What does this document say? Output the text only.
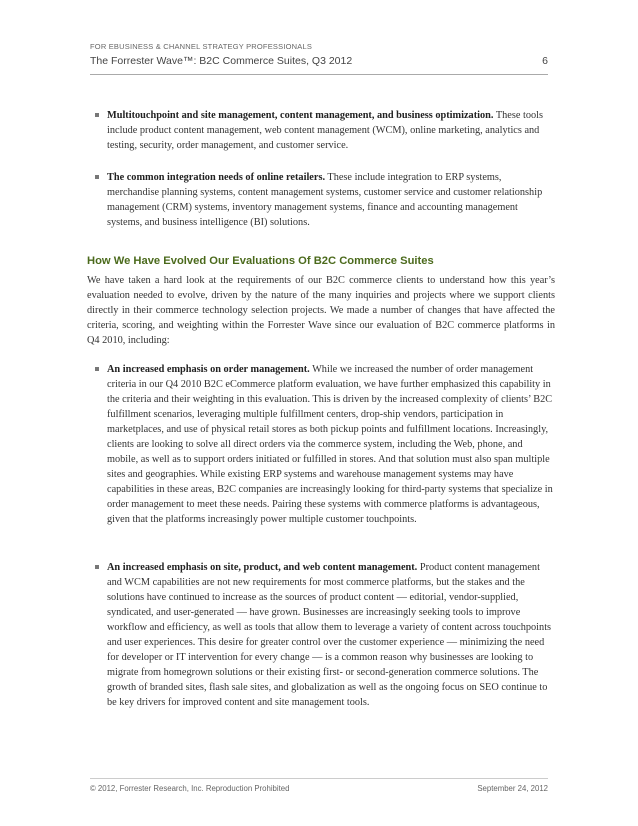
FOR EBUSINESS & CHANNEL STRATEGY PROFESSIONALS
The Forrester Wave™: B2C Commerce Suites, Q3 2012	6
Multitouchpoint and site management, content management, and business optimization. These tools include product content management, web content management (WCM), online marketing, analytics and testing, security, order management, and customer service.
The common integration needs of online retailers. These include integration to ERP systems, merchandise planning systems, content management systems, customer service and customer relationship management (CRM) systems, inventory management systems, finance and accounting management systems, and business intelligence (BI) solutions.
How We Have Evolved Our Evaluations Of B2C Commerce Suites
We have taken a hard look at the requirements of our B2C commerce clients to understand how this year’s evaluation needed to evolve, driven by the nature of the many inquiries and projects where we support clients directly in their commerce technology selection projects. We made a number of changes that have affected the criteria, scoring, and weighting within the Forrester Wave since our evaluation of B2C commerce platforms in Q4 2010, including:
An increased emphasis on order management. While we increased the number of order management criteria in our Q4 2010 B2C eCommerce platform evaluation, we have further emphasized this capability in the criteria and their weighting in this evaluation. This is driven by the increased complexity of clients’ B2C fulfillment scenarios, leveraging multiple fulfillment centers, drop-ship vendors, participation in marketplaces, and use of physical retail stores as both pickup points and fulfillment locations. Increasingly, clients are looking to solve all direct orders via the commerce system, including the Web, phone, and mobile, as well as to support orders initiated or fulfilled in stores. And that solution must also span multiple sites and geographies. While existing ERP systems and warehouse management systems may have capabilities in these areas, B2C companies are increasingly looking for third-party systems that specialize in order management to meet these needs. Pairing these systems with commerce platforms is advantageous, given that the platforms increasingly power multiple customer touchpoints.
An increased emphasis on site, product, and web content management. Product content management and WCM capabilities are not new requirements for most commerce platforms, but the stakes and the solutions have continued to increase as the sources of product content — editorial, vendor-supplied, syndicated, and user-generated — have grown. Businesses are increasingly seeking tools to improve workflow and efficiency, as well as tools that allow them to leverage a variety of content across touchpoints and user experiences. This desire for greater control over the customer experience — minimizing the need for developer or IT intervention for every change — is a common reason why businesses are looking to migrate from homegrown solutions or their existing first- or second-generation commerce solutions. The growth of branded sites, flash sale sites, and globalization as well as the ongoing focus on SEO continue to be key drivers for improved content and site management tools.
© 2012, Forrester Research, Inc. Reproduction Prohibited	September 24, 2012
